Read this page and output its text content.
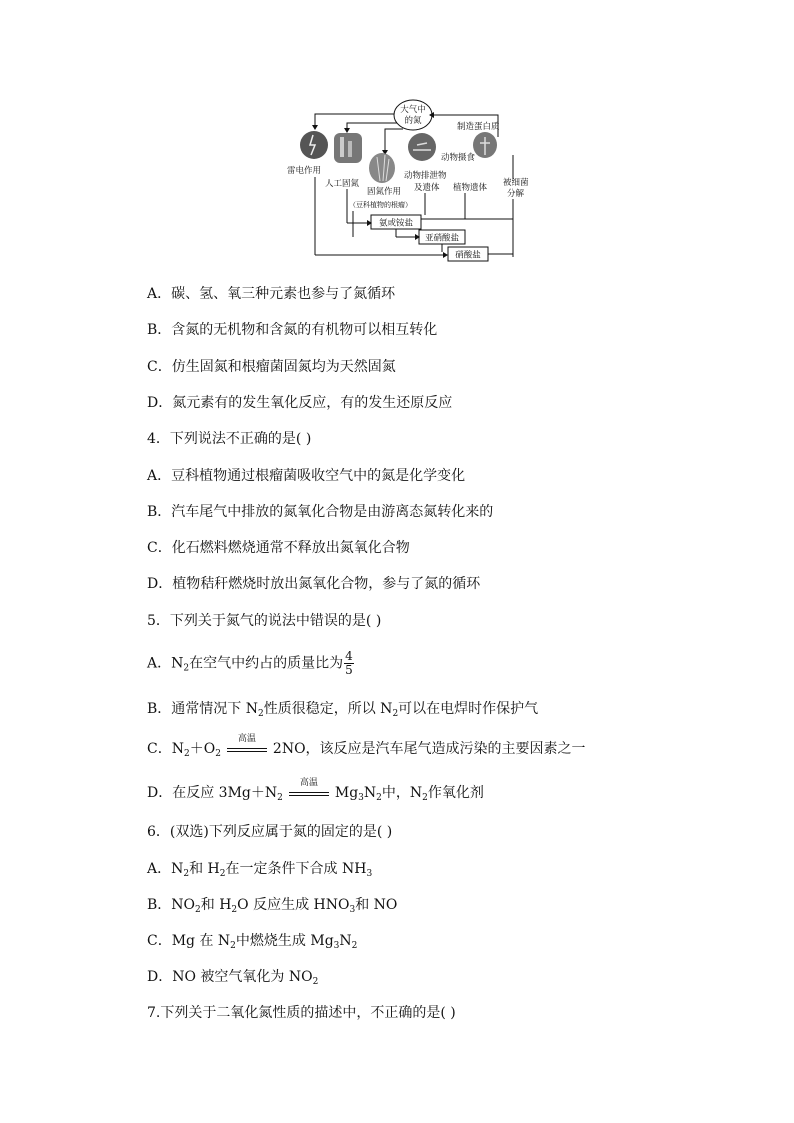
大气中
的氮
雷电作用
人工固氮
固氮作用
（豆科植物的根瘤）
动物摄食
动物排泄物
及遗体
制造蛋白质
植物遗体 被细菌
分解
氨或铵盐
亚硝酸盐
硝酸盐
A．碳、氢、氧三种元素也参与了氮循环
B．含氮的无机物和含氮的有机物可以相互转化
C．仿生固氮和根瘤菌固氮均为天然固氮
D．氮元素有的发生氧化反应，有的发生还原反应
4．下列说法不正确的是( )
A．豆科植物通过根瘤菌吸收空气中的氮是化学变化
B．汽车尾气中排放的氮氧化合物是由游离态氮转化来的
C．化石燃料燃烧通常不释放出氮氧化合物
D．植物秸秆燃烧时放出氮氧化合物，参与了氮的循环
5．下列关于氮气的说法中错误的是( )
A．$N_2$在空气中约占的质量比为 $\frac{4}{5}$
B．通常情况下 $N_2$性质很稳定，所以 $N_2$可以在电焊时作保护气
C．$N_2+O_2$
高温
2NO，该反应是汽车尾气造成污染的主要因素之一
D．在反应 $3Mg+N_2$
高温
$Mg_3N_2$中，$N_2$作氧化剂
6．(双选)下列反应属于氮的固定的是( )
A．$N_2$和 $H_2$在一定条件下合成 $NH_3$
B．$NO_2$和 $H_2O$ 反应生成 $HNO_3$和 NO
C．Mg 在 $N_2$中燃烧生成 $Mg_3N_2$
D．NO 被空气氧化为 $NO_2$
7.下列关于二氧化氮性质的描述中，不正确的是( )
